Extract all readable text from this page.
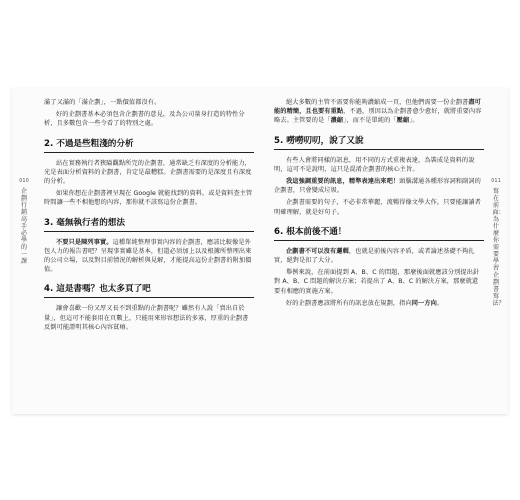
010
企劃行銷高手必學的一課

滿了又滿的「滿企劃」，一點價值都沒有。

好的企劃書基本必須包含企劃書的意見，及為公司量身打造的特性分析，且多數包含一些令看了的特別之處。

2. 不過是些粗淺的分析

站在實務執行者狹隘觀點所完的企劃書，通常缺乏有深度的分析能力，光是表面分析資料的企劃書，肯定是最糟糕。企劃書需要的是深度且有深度的分析。

如果你想在企劃書裡呈現在 Google 就能找到的資料，或是資料查主管時間讓一些不相他想的內容，那你就不該寫這份企劃書。

3. 毫無執行者的想法

不要只是陳列事實。這種單純整理事實內容的企劃書，應該比較像是外包人力的報告書吧？呈現事實雖是基本，但還必須加上以及根據所整理出來的公司立場，以及對目前情況的解析與見解，才能提高這份企劃書的附加價值。

4. 這是書嗎？也太多頁了吧

讓會喜歡一份又厚又長不到重點的企劃書呢？雖然有人說「賣出自於量」，但這可不能套用在頁數上，只能用來形容想法的多寡，厚重的企劃書反倒可能證明其核心內容貧瘠。

絕大多數的主管不需要你能夠濃縮成一頁，但他們需要一份企劃書盡可能的精簡，且也要有重點，不過，別因以為企劃書愈少愈好，就將重要內容略去。主管要的是「濃縮」，而不是單純的「壓縮」。

5. 嘮嘮叨叨，說了又說

有些人會將同樣的訊息，用不同的方式重複表達，為裝成是資料的說明，這可不是說明，這只是混淆企劃書的核心主旨。

我這強調重要的訊息，精準表達出來吧！頭腦溝通各種形容詞和副詞的企劃書，只會變成垃圾。

企劃書需要的句子，不必非常華麗，流暢得像文學大作，只要能讓讀者明確理解，就是好句子。

6. 根本前後不通！

企劃書不可以沒有邏輯，也就是前後內容矛盾，或者論述基礎不夠扎實，絕對是扣了大分。

舉例來說，在前面提到 A、B、C 的問題，那麼後面就應該分別提出針對 A、B、C 問題的解決方案；若提出了 A、B、C 的解決方案，那麼就還要有相應的實施方案。

好的企劃書應該將所有的訊息放在規劃，指向同一方向。

011
寫在前面：為什麼你需要學習企劃書寫法？
